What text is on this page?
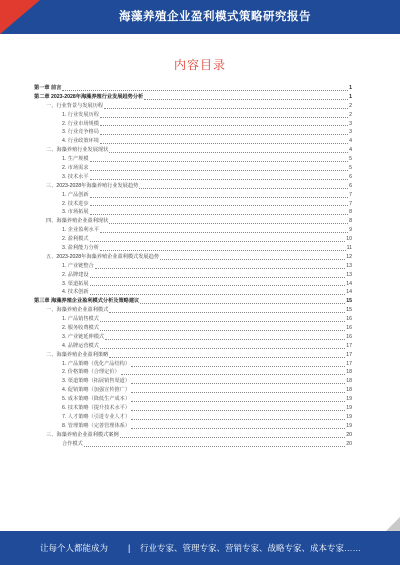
海藻养殖企业盈利模式策略研究报告
内容目录
第一章 前言	1
第二章 2023-2028年海藻养殖行业发展趋势分析	1
一、行业背景与发展历程	2
1. 行业发展历程	2
2. 行业市场规模	3
3. 行业竞争格局	3
4. 行业政策环境	4
二、海藻养殖行业发展现状	4
1. 生产规模	5
2. 市场需求	5
3. 技术水平	6
三、2023-2028年海藻养殖行业发展趋势	6
1. 产品创新	7
2. 技术进步	7
3. 市场拓展	8
四、海藻养殖企业盈利现状	8
1. 企业盈利水平	9
2. 盈利模式	10
3. 盈利能力分析	11
五、2023-2028年海藻养殖企业盈利模式发展趋势	12
1. 产业链整合	13
2. 品牌建设	13
3. 渠道拓展	14
4. 技术创新	14
第三章 海藻养殖企业盈利模式分析及策略建议	15
一、海藻养殖企业盈利模式	15
1. 产品销售模式	16
2. 服务收费模式	16
3. 产业链延伸模式	16
4. 品牌运营模式	17
二、海藻养殖企业盈利策略	17
1. 产品策略（优化产品结构）	17
2. 价格策略（合理定价）	18
3. 渠道策略（拓展销售渠道）	18
4. 促销策略（加强宣传推广）	18
5. 成本策略（降低生产成本）	19
6. 技术策略（提升技术水平）	19
7. 人才策略（引进专业人才）	19
8. 管理策略（完善管理体系）	19
三、海藻养殖企业盈利模式案例	20
合作模式	20
让每个人都能成为 | 行业专家、管理专家、营销专家、战略专家、成本专家……
